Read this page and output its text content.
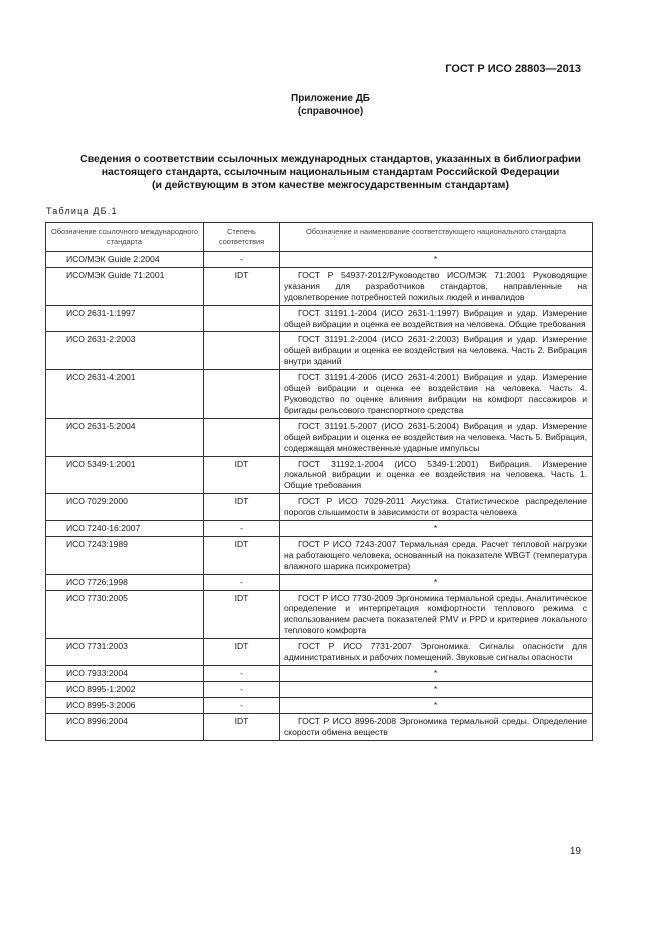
ГОСТ Р ИСО 28803—2013
Приложение ДБ
(справочное)
Сведения о соответствии ссылочных международных стандартов, указанных в библиографии
настоящего стандарта, ссылочным национальным стандартам Российской Федерации
(и действующим в этом качестве межгосударственным стандартам)
Таблица ДБ.1
Обозначение ссылочного международного стандарта	Степень соответствия	Обозначение и наименование соответствующего национального стандарта
ИСО/МЭК Guide 2:2004	-	*
ИСО/МЭК Guide 71:2001	IDT	ГОСТ Р 54937-2012/Руководство ИСО/МЭК 71:2001 Руководящие указания для разработчиков стандартов, направленные на удовлетворение потребностей пожилых людей и инвалидов

ИСО 2631-1:1997		ГОСТ 31191.1-2004 (ИСО 2631-1:1997) Вибрация и удар. Измерение общей вибрации и оценка ее воздействия на человека. Общие требования

ИСО 2631-2:2003		ГОСТ 31191.2-2004 (ИСО 2631-2:2003) Вибрация и удар. Измерение общей вибрации и оценка ее воздействия на человека. Часть 2. Вибрация внутри зданий

ИСО 2631-4:2001		ГОСТ 31191.4-2006 (ИСО 2631-4:2001) Вибрация и удар. Измерение общей вибрации и оценка ее воздействия на человека. Часть 4. Руководство по оценке влияния вибрации на комфорт пассажиров и бригады рельсового транспортного средства

ИСО 2631-5:2004		ГОСТ 31191.5-2007 (ИСО 2631-5:2004) Вибрация и удар. Измерение общей вибрации и оценка ее воздействия на человека. Часть 5. Вибрация, содержащая множественные ударные импульсы

ИСО 5349-1:2001	IDT	ГОСТ 31192.1-2004 (ИСО 5349-1:2001) Вибрация. Измерение локальной вибрации и оценка ее воздействия на человека. Часть 1. Общие требования

ИСО 7029:2000	IDT	ГОСТ Р ИСО 7029-2011 Акустика. Статистическое распределение порогов слышимости в зависимости от возраста человека

ИСО 7240-16:2007	-	*
ИСО 7243:1989	IDT	ГОСТ Р ИСО 7243-2007 Термальная среда. Расчет тепловой нагрузки на работающего человека, основанный на показателе WBGT (температура влажного шарика психрометра)

ИСО 7726:1998	-	*
ИСО 7730:2005	IDT	ГОСТ Р ИСО 7730-2009 Эргономика термальной среды. Аналитическое определение и интерпретация комфортности теплового режима с использованием расчета показателей PMV и PPD и критериев локального теплового комфорта

ИСО 7731:2003	IDT	ГОСТ Р ИСО 7731-2007 Эргономика. Сигналы опасности для административных и рабочих помещений. Звуковые сигналы опасности

ИСО 7933:2004	-	*
ИСО 8995-1:2002	-	*
ИСО 8995-3:2006	-	*
ИСО 8996:2004	IDT	ГОСТ Р ИСО 8996-2008 Эргономика термальной среды. Определение скорости обмена веществ
19
